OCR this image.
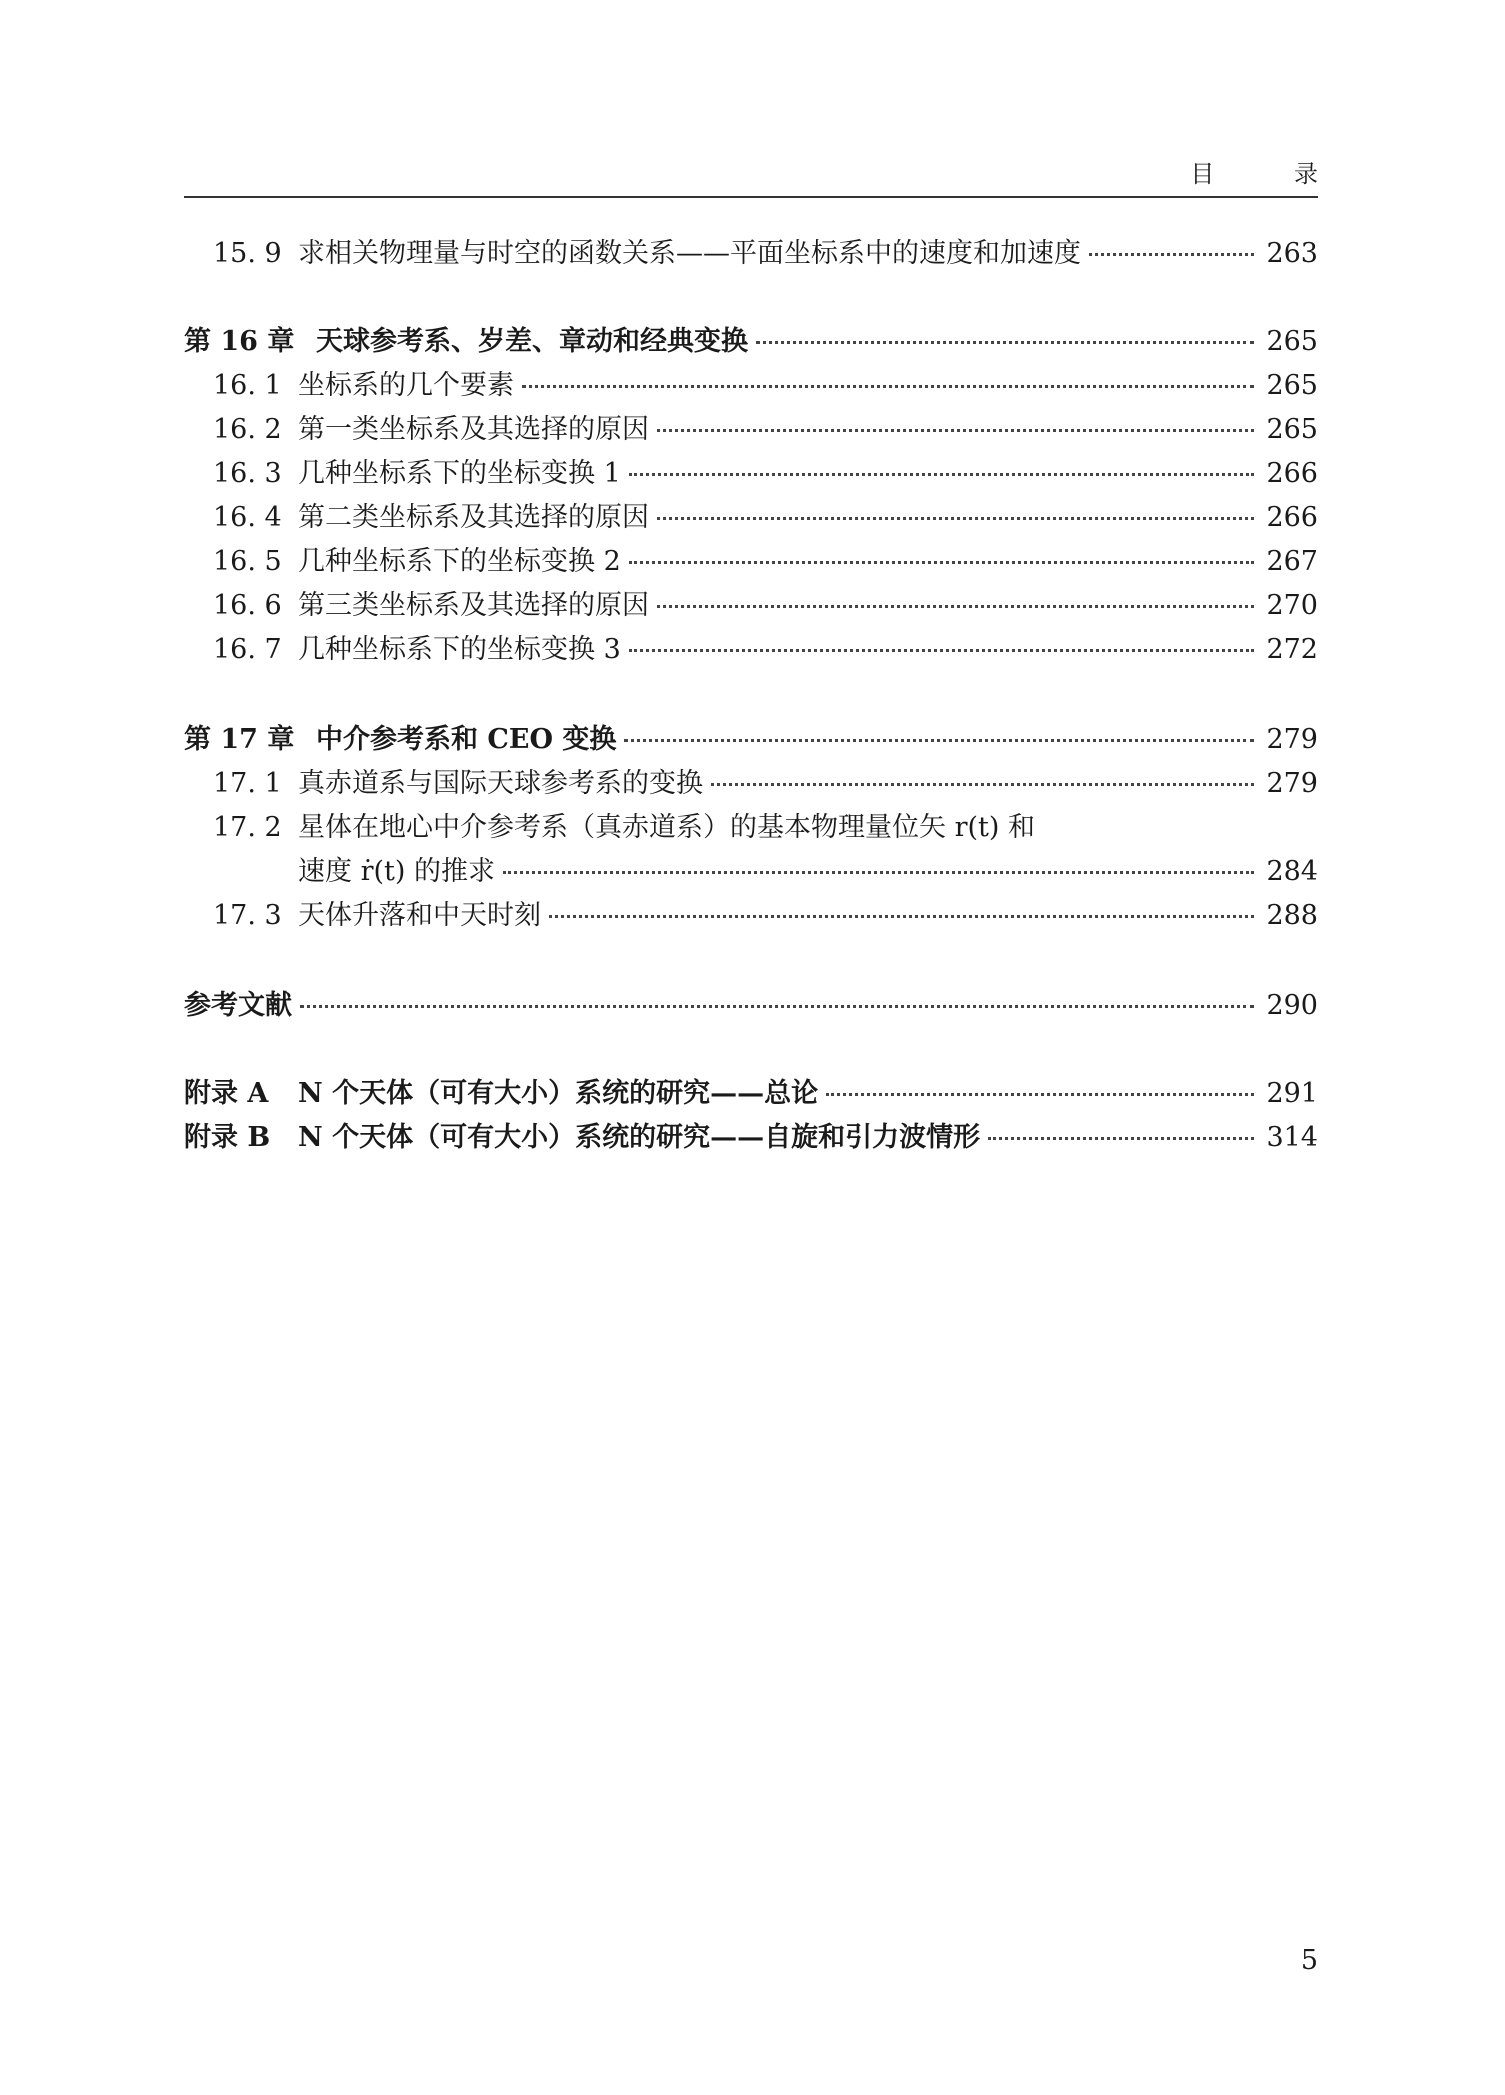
目 录
15. 9 求相关物理量与时空的函数关系——平面坐标系中的速度和加速度	263
第 16 章 天球参考系、岁差、章动和经典变换	265
16. 1 坐标系的几个要素	265
16. 2 第一类坐标系及其选择的原因	265
16. 3 几种坐标系下的坐标变换 1	266
16. 4 第二类坐标系及其选择的原因	266
16. 5 几种坐标系下的坐标变换 2	267
16. 6 第三类坐标系及其选择的原因	270
16. 7 几种坐标系下的坐标变换 3	272
第 17 章 中介参考系和 CEO 变换	279
17. 1 真赤道系与国际天球参考系的变换	279
17. 2 星体在地心中介参考系（真赤道系）的基本物理量位矢 r(t) 和
速度 ṙ(t) 的推求	284
17. 3 天体升落和中天时刻	288
参考文献	290
附录 A	N 个天体（可有大小）系统的研究——总论	291
附录 B	N 个天体（可有大小）系统的研究——自旋和引力波情形	314
5
